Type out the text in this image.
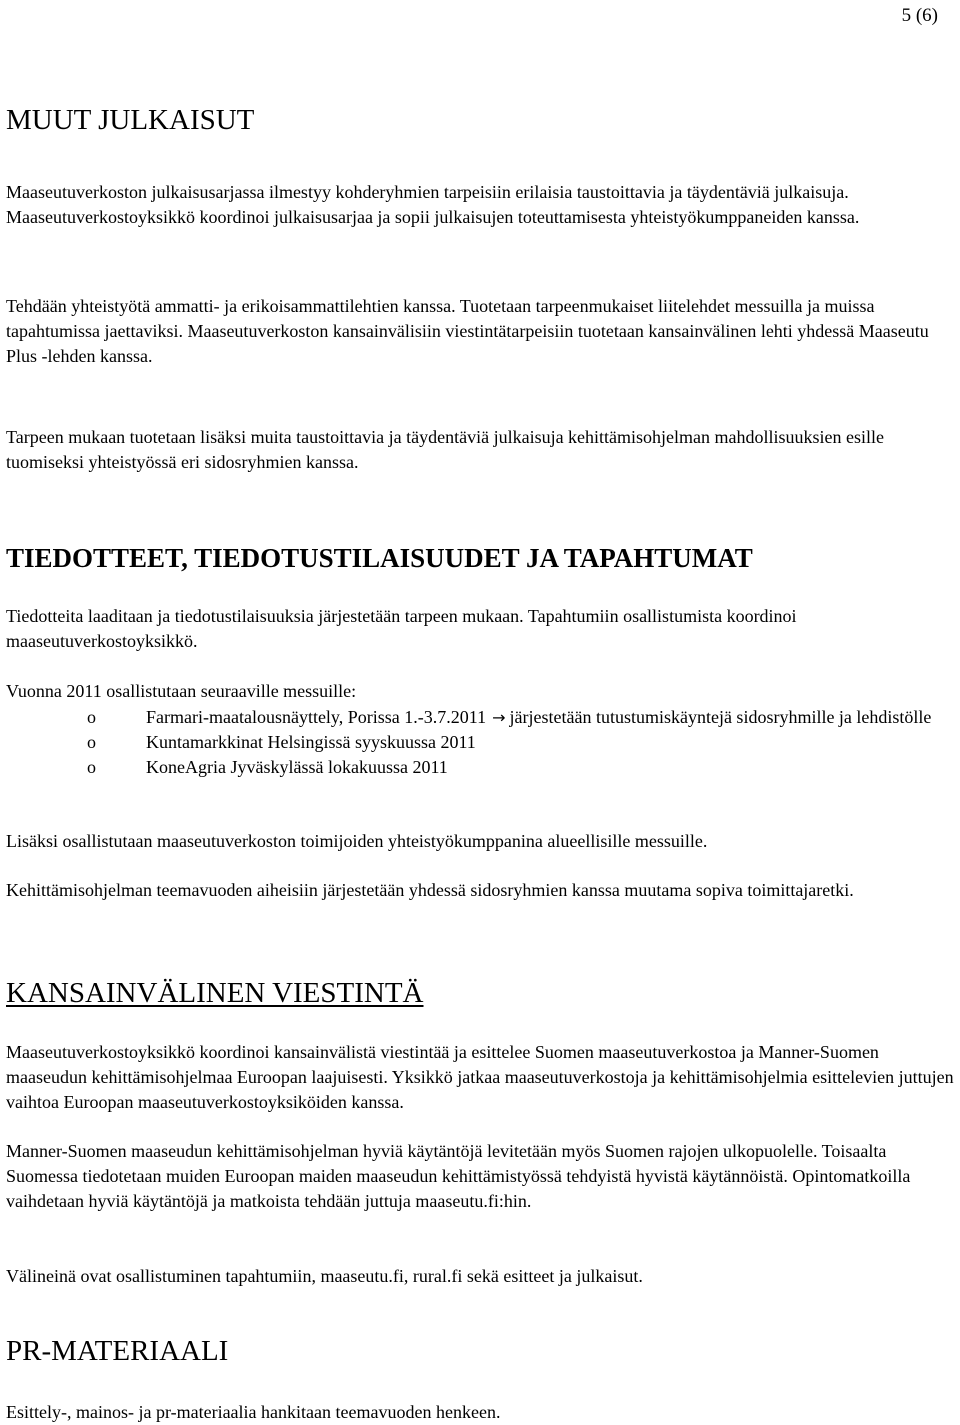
5 (6)
MUUT JULKAISUT

Maaseutuverkoston julkaisusarjassa ilmestyy kohderyhmien tarpeisiin erilaisia taustoittavia ja täydentäviä julkaisuja. Maaseutuverkostoyksikkö koordinoi julkaisusarjaa ja sopii julkaisujen toteuttamisesta yhteistyökumppaneiden kanssa.

Tehdään yhteistyötä ammatti- ja erikoisammattilehtien kanssa. Tuotetaan tarpeenmukaiset liitelehdet messuilla ja muissa tapahtumissa jaettaviksi. Maaseutuverkoston kansainvälisiin viestintätarpeisiin tuotetaan kansainvälinen lehti yhdessä Maaseutu Plus -lehden kanssa.

Tarpeen mukaan tuotetaan lisäksi muita taustoittavia ja täydentäviä julkaisuja kehittämisohjelman mahdollisuuksien esille tuomiseksi yhteistyössä eri sidosryhmien kanssa.

TIEDOTTEET, TIEDOTUSTILAISUUDET JA TAPAHTUMAT

Tiedotteita laaditaan ja tiedotustilaisuuksia järjestetään tarpeen mukaan. Tapahtumiin osallistumista koordinoi maaseutuverkostoyksikkö.

Vuonna 2011 osallistutaan seuraaville messuille:

o	Farmari-maatalousnäyttely, Porissa 1.-3.7.2011 → järjestetään tutustumiskäyntejä sidosryhmille ja lehdistölle
o	Kuntamarkkinat Helsingissä syyskuussa 2011
o	KoneAgria Jyväskylässä lokakuussa 2011

Lisäksi osallistutaan maaseutuverkoston toimijoiden yhteistyökumppanina alueellisille messuille.

Kehittämisohjelman teemavuoden aiheisiin järjestetään yhdessä sidosryhmien kanssa muutama sopiva toimittajaretki.

KANSAINVÄLINEN VIESTINTÄ

Maaseutuverkostoyksikkö koordinoi kansainvälistä viestintää ja esittelee Suomen maaseutuverkostoa ja Manner-Suomen maaseudun kehittämisohjelmaa Euroopan laajuisesti. Yksikkö jatkaa maaseutuverkostoja ja kehittämisohjelmia esittelevien juttujen vaihtoa Euroopan maaseutuverkostoyksiköiden kanssa.

Manner-Suomen maaseudun kehittämisohjelman hyviä käytäntöjä levitetään myös Suomen rajojen ulkopuolelle. Toisaalta Suomessa tiedotetaan muiden Euroopan maiden maaseudun kehittämistyössä tehdyistä hyvistä käytännöistä. Opintomatkoilla vaihdetaan hyviä käytäntöjä ja matkoista tehdään juttuja maaseutu.fi:hin.

Välineinä ovat osallistuminen tapahtumiin, maaseutu.fi, rural.fi sekä esitteet ja julkaisut.

PR-MATERIAALI

Esittely-, mainos- ja pr-materiaalia hankitaan teemavuoden henkeen.
